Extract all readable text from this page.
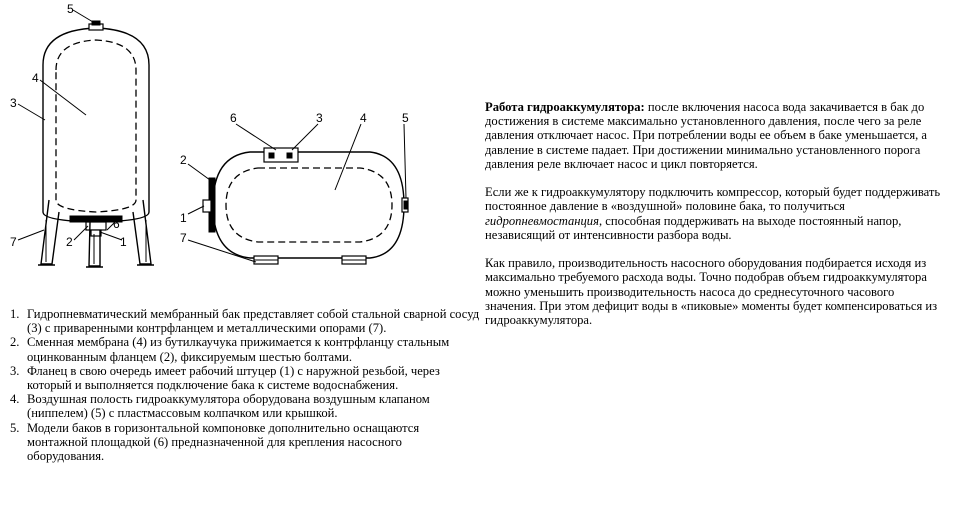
5
4
3
7	2
6
1
6	3	4	5
2
1
7
1. Гидропневматический мембранный бак представляет собой стальной сварной сосуд (3) с приваренными контрфланцем и металлическими опорами (7).
2. Сменная мембрана (4) из бутилкаучука прижимается к контрфланцу стальным оцинкованным фланцем (2), фиксируемым шестью болтами.
3. Фланец в свою очередь имеет рабочий штуцер (1) с наружной резьбой, через который и выполняется подключение бака к системе водоснабжения.
4. Воздушная полость гидроаккумулятора оборудована воздушным клапаном (ниппелем) (5) с пластмассовым колпачком или крышкой.
5. Модели баков в горизонтальной компоновке дополнительно оснащаются монтажной площадкой (6) предназначенной для крепления насосного оборудования.

Работа гидроаккумулятора: после включения насоса вода закачивается в бак до достижения в системе максимально установленного давления, после чего за реле давления отключает насос. При потреблении воды ее объем в баке уменьшается, а давление в системе падает. При достижении минимально установленного порога давления реле включает насос и цикл повторяется.

Если же к гидроаккумулятору подключить компрессор, который будет поддерживать постоянное давление в «воздушной» половине бака, то получиться гидропневмостанция, способная поддерживать на выходе постоянный напор, независящий от интенсивности разбора воды.

Как правило, производительность насосного оборудования подбирается исходя из максимально требуемого расхода воды. Точно подобрав объем гидроаккумулятора можно уменьшить производительность насоса до среднесуточного часового значения. При этом дефицит воды в «пиковые» моменты будет компенсироваться из гидроаккумулятора.
